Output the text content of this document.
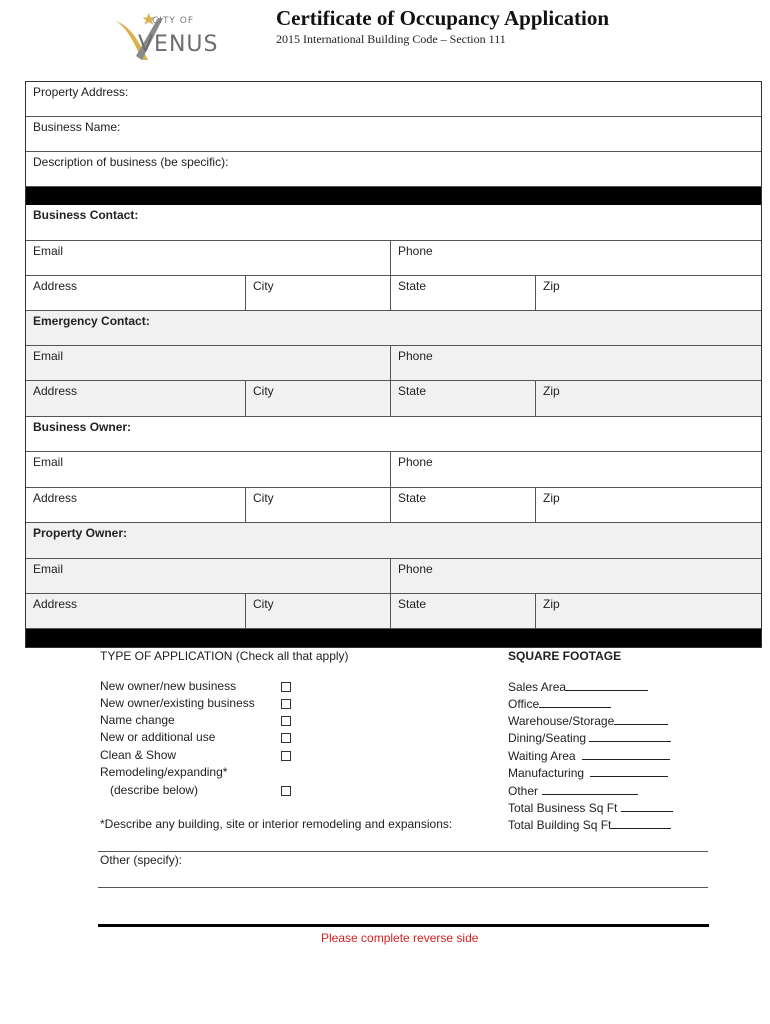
CITY OF
VENUS
Certificate of Occupancy Application
2015 International Building Code – Section 111
Property Address:
Business Name:
Description of business (be specific):
Business Contact:
Email	Phone
Address	City	State	Zip
Emergency Contact:
Email	Phone
Address	City	State	Zip
Business Owner:
Email	Phone
Address	City	State	Zip
Property Owner:
Email	Phone
Address	City	State	Zip
TYPE OF APPLICATION (Check all that apply)
New owner/new business
New owner/existing business
Name change
New or additional use
Clean & Show
Remodeling/expanding*
(describe below)
*Describe any building, site or interior remodeling and expansions:
SQUARE FOOTAGE
Sales Area
Office
Warehouse/Storage
Dining/Seating
Waiting Area
Manufacturing
Other
Total Business Sq Ft
Total Building Sq Ft
Other (specify):
Please complete reverse side
